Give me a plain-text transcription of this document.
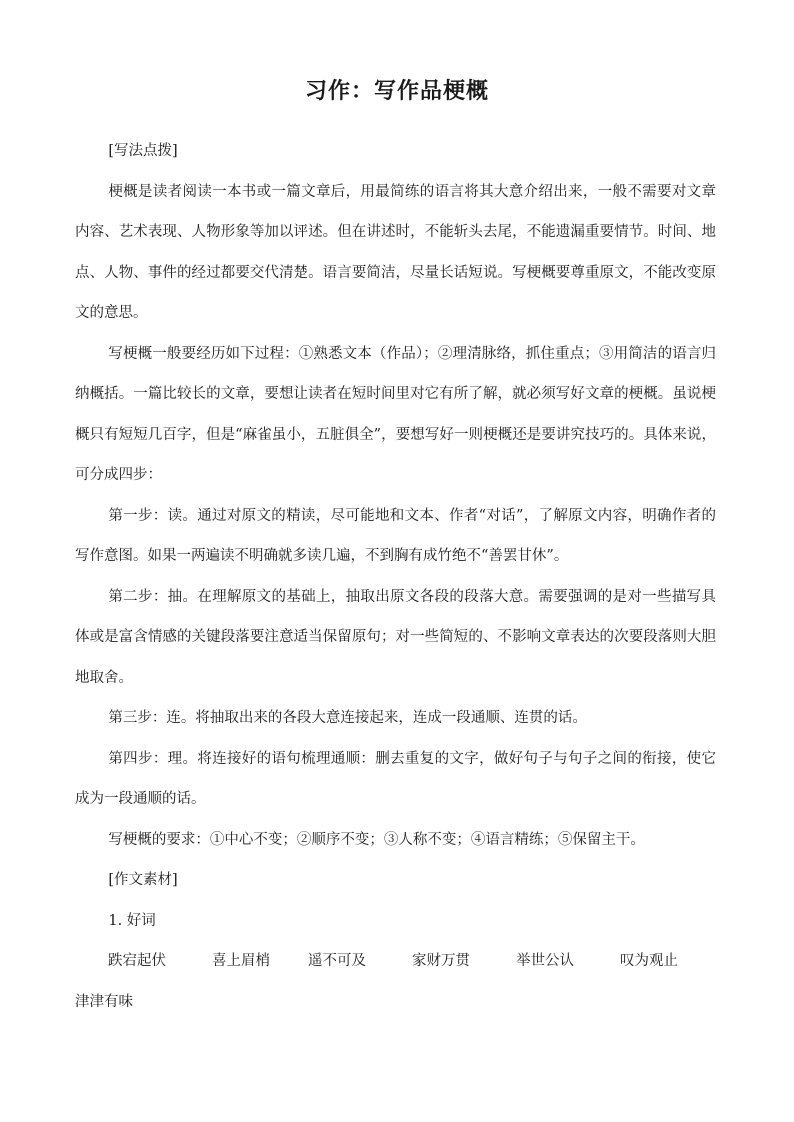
习作：写作品梗概

[写法点拨]

梗概是读者阅读一本书或一篇文章后，用最简练的语言将其大意介绍出来，一般不需要对文章内容、艺术表现、人物形象等加以评述。但在讲述时，不能斩头去尾，不能遗漏重要情节。时间、地点、人物、事件的经过都要交代清楚。语言要简洁，尽量长话短说。写梗概要尊重原文，不能改变原文的意思。

写梗概一般要经历如下过程：①熟悉文本（作品）；②理清脉络，抓住重点；③用简洁的语言归纳概括。一篇比较长的文章，要想让读者在短时间里对它有所了解，就必须写好文章的梗概。虽说梗概只有短短几百字，但是“麻雀虽小，五脏俱全”，要想写好一则梗概还是要讲究技巧的。具体来说，可分成四步：

第一步：读。通过对原文的精读，尽可能地和文本、作者“对话”，了解原文内容，明确作者的写作意图。如果一两遍读不明确就多读几遍，不到胸有成竹绝不“善罢甘休”。

第二步：抽。在理解原文的基础上，抽取出原文各段的段落大意。需要强调的是对一些描写具体或是富含情感的关键段落要注意适当保留原句；对一些简短的、不影响文章表达的次要段落则大胆地取舍。

第三步：连。将抽取出来的各段大意连接起来，连成一段通顺、连贯的话。

第四步：理。将连接好的语句梳理通顺：删去重复的文字，做好句子与句子之间的衔接，使它成为一段通顺的话。

写梗概的要求：①中心不变；②顺序不变；③人称不变；④语言精练；⑤保留主干。

[作文素材]

1. 好词

跌宕起伏	喜上眉梢	遥不可及	家财万贯	举世公认	叹为观止
津津有味
